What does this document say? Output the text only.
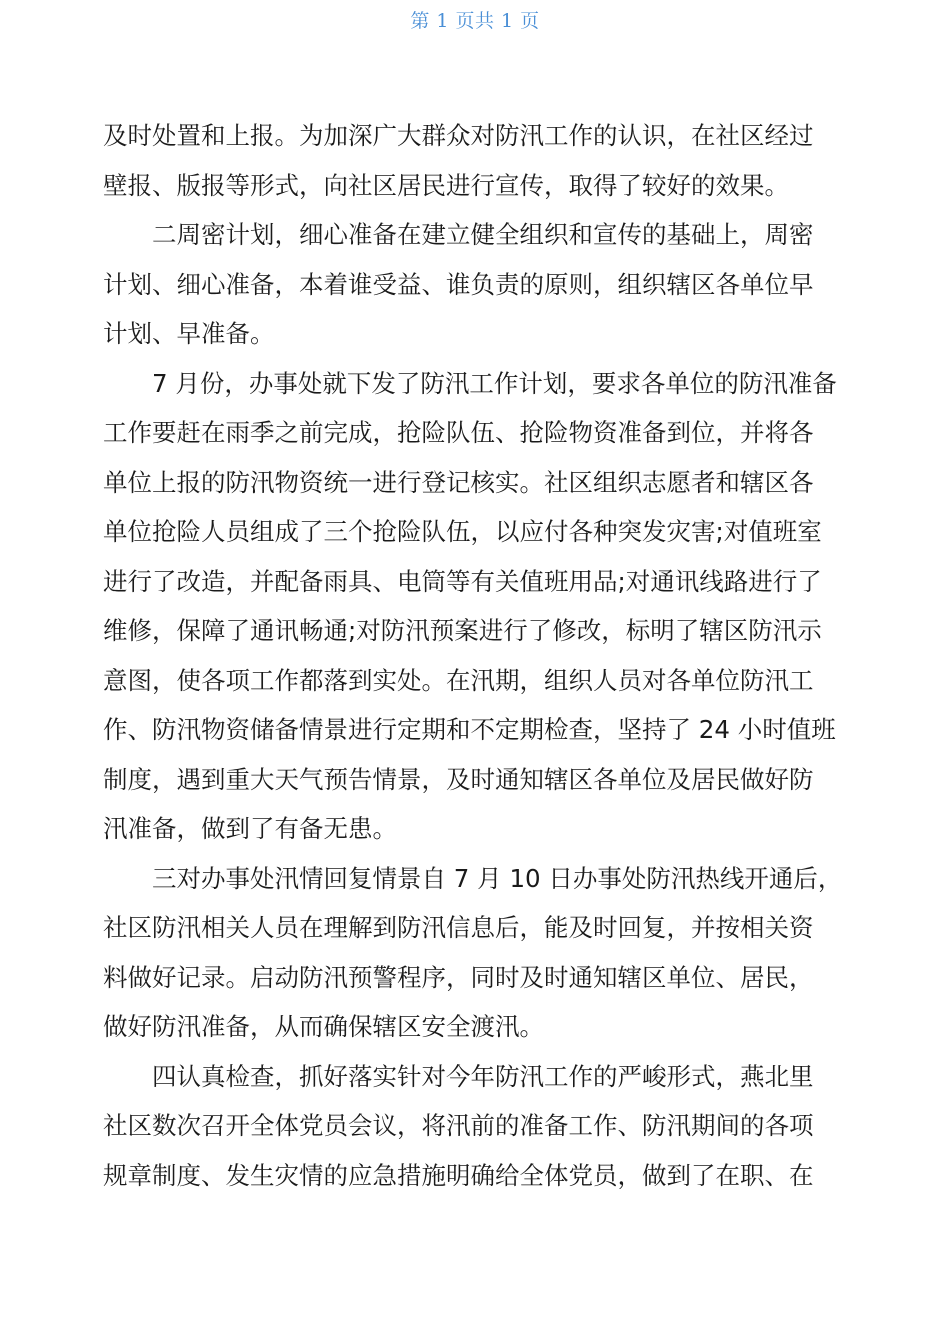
第 1 页共 1 页
及时处置和上报。为加深广大群众对防汛工作的认识，在社区经过
壁报、版报等形式，向社区居民进行宣传，取得了较好的效果。
　　二周密计划，细心准备在建立健全组织和宣传的基础上，周密
计划、细心准备，本着谁受益、谁负责的原则，组织辖区各单位早
计划、早准备。
　　7 月份，办事处就下发了防汛工作计划，要求各单位的防汛准备
工作要赶在雨季之前完成，抢险队伍、抢险物资准备到位，并将各
单位上报的防汛物资统一进行登记核实。社区组织志愿者和辖区各
单位抢险人员组成了三个抢险队伍，以应付各种突发灾害;对值班室
进行了改造，并配备雨具、电筒等有关值班用品;对通讯线路进行了
维修，保障了通讯畅通;对防汛预案进行了修改，标明了辖区防汛示
意图，使各项工作都落到实处。在汛期，组织人员对各单位防汛工
作、防汛物资储备情景进行定期和不定期检查，坚持了 24 小时值班
制度，遇到重大天气预告情景，及时通知辖区各单位及居民做好防
汛准备，做到了有备无患。
　　三对办事处汛情回复情景自 7 月 10 日办事处防汛热线开通后，
社区防汛相关人员在理解到防汛信息后，能及时回复，并按相关资
料做好记录。启动防汛预警程序，同时及时通知辖区单位、居民，
做好防汛准备，从而确保辖区安全渡汛。
　　四认真检查，抓好落实针对今年防汛工作的严峻形式，燕北里
社区数次召开全体党员会议，将汛前的准备工作、防汛期间的各项
规章制度、发生灾情的应急措施明确给全体党员，做到了在职、在
